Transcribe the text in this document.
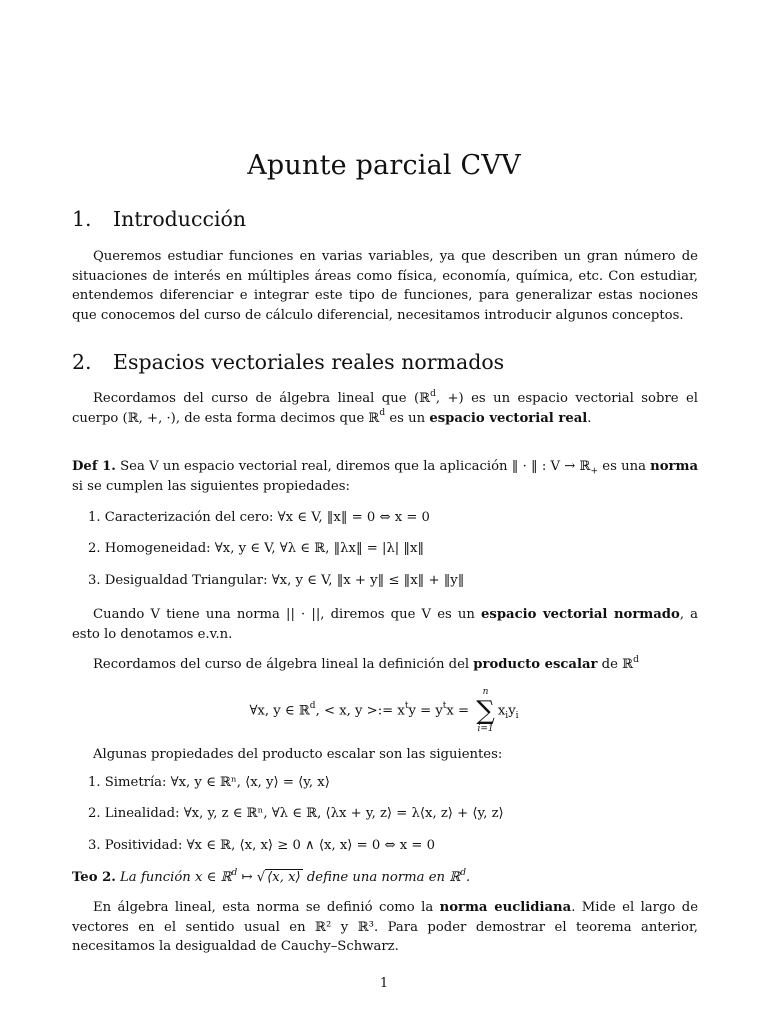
Apunte parcial CVV
1. Introducción
Queremos estudiar funciones en varias variables, ya que describen un gran número de situaciones de interés en múltiples áreas como física, economía, química, etc. Con estudiar, entendemos diferenciar e integrar este tipo de funciones, para generalizar estas nociones que conocemos del curso de cálculo diferencial, necesitamos introducir algunos conceptos.
2. Espacios vectoriales reales normados
Recordamos del curso de álgebra lineal que (ℝ$^d$, +) es un espacio vectorial sobre el cuerpo (ℝ, +, ·), de esta forma decimos que ℝ$^d$ es un espacio vectorial real.
Def 1. Sea V un espacio vectorial real, diremos que la aplicación ‖ · ‖ : V → ℝ$_+$ es una norma si se cumplen las siguientes propiedades:
1. Caracterización del cero: ∀x ∈ V, ‖x‖ = 0 ⇔ x = 0
2. Homogeneidad: ∀x, y ∈ V, ∀λ ∈ ℝ, ‖λx‖ = |λ| ‖x‖
3. Desigualdad Triangular: ∀x, y ∈ V, ‖x + y‖ ≤ ‖x‖ + ‖y‖
Cuando V tiene una norma || · ||, diremos que V es un espacio vectorial normado, a esto lo denotamos e.v.n.
Recordamos del curso de álgebra lineal la definición del producto escalar de ℝ$^d$
∀x, y ∈ ℝ$^d$, < x, y >:= $x^ty = y^tx$ = ∑
n
i=1
$x_iy_i$
Algunas propiedades del producto escalar son las siguientes:
1. Simetría: ∀x, y ∈ ℝⁿ, ⟨x, y⟩ = ⟨y, x⟩
2. Linealidad: ∀x, y, z ∈ ℝⁿ, ∀λ ∈ ℝ, ⟨λx + y, z⟩ = λ⟨x, z⟩ + ⟨y, z⟩
3. Positividad: ∀x ∈ ℝ, ⟨x, x⟩ ≥ 0 ∧ ⟨x, x⟩ = 0 ⇔ x = 0
Teo 2. La función x ∈ ℝ$^d$ ↦ √ ⟨x, x⟩ define una norma en ℝ$^d$.
En álgebra lineal, esta norma se definió como la norma euclidiana. Mide el largo de vectores en el sentido usual en ℝ² y ℝ³. Para poder demostrar el teorema anterior, necesitamos la desigualdad de Cauchy–Schwarz.
1
